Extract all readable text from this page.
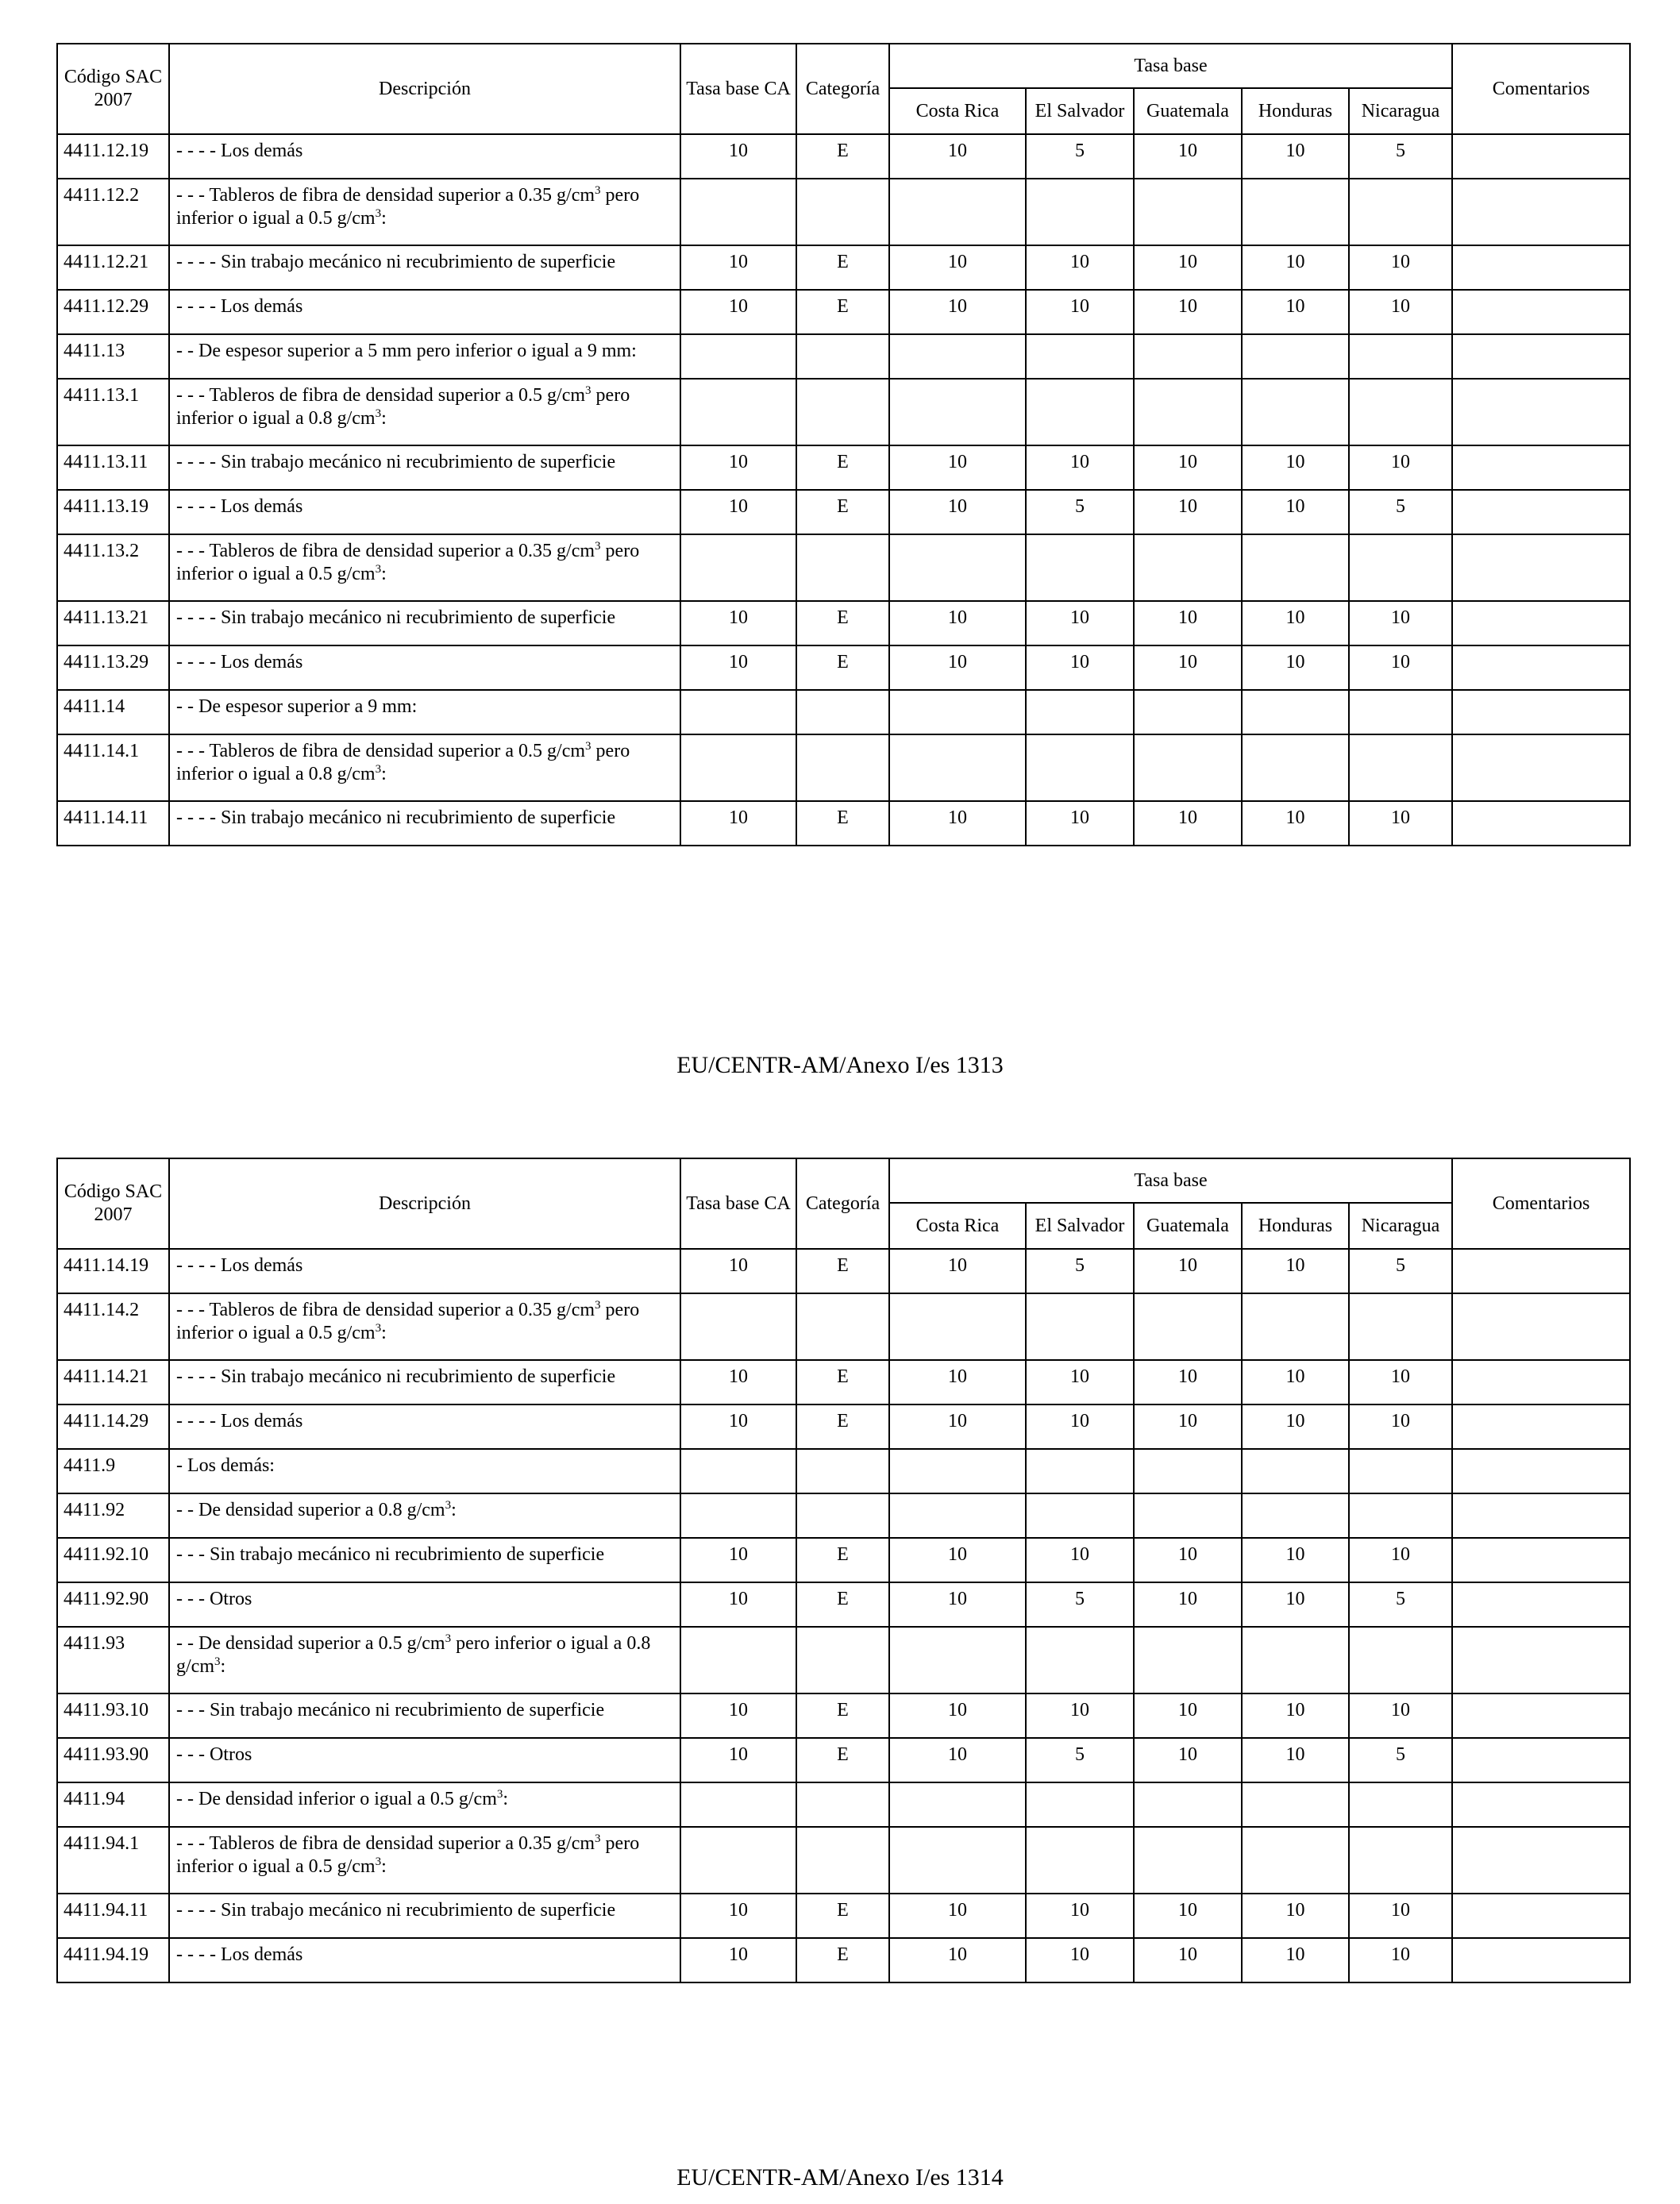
Código SAC 2007	Descripción	Tasa base CA	Categoría	Tasa base					Comentarios
				Costa Rica	El Salvador	Guatemala	Honduras	Nicaragua	
4411.12.19	- - - - Los demás	10	E	10	5	10	10	5	
4411.12.2	- - - Tableros de fibra de densidad superior a 0.35 $g/cm^3$ pero inferior o igual a 0.5 $g/cm^3$:								
4411.12.21	- - - - Sin trabajo mecánico ni recubrimiento de superficie	10	E	10	10	10	10	10	
4411.12.29	- - - - Los demás	10	E	10	10	10	10	10	
4411.13	- - De espesor superior a 5 mm pero inferior o igual a 9 mm:								
4411.13.1	- - - Tableros de fibra de densidad superior a 0.5 $g/cm^3$ pero inferior o igual a 0.8 $g/cm^3$:								
4411.13.11	- - - - Sin trabajo mecánico ni recubrimiento de superficie	10	E	10	10	10	10	10	
4411.13.19	- - - - Los demás	10	E	10	5	10	10	5	
4411.13.2	- - - Tableros de fibra de densidad superior a 0.35 $g/cm^3$ pero inferior o igual a 0.5 $g/cm^3$:								
4411.13.21	- - - - Sin trabajo mecánico ni recubrimiento de superficie	10	E	10	10	10	10	10	
4411.13.29	- - - - Los demás	10	E	10	10	10	10	10	
4411.14	- - De espesor superior a 9 mm:								
4411.14.1	- - - Tableros de fibra de densidad superior a 0.5 $g/cm^3$ pero inferior o igual a 0.8 $g/cm^3$:								
4411.14.11	- - - - Sin trabajo mecánico ni recubrimiento de superficie	10	E	10	10	10	10	10	
EU/CENTR-AM/Anexo I/es 1313
Código SAC 2007	Descripción	Tasa base CA	Categoría	Tasa base					Comentarios
				Costa Rica	El Salvador	Guatemala	Honduras	Nicaragua	
4411.14.19	- - - - Los demás	10	E	10	5	10	10	5	
4411.14.2	- - - Tableros de fibra de densidad superior a 0.35 $g/cm^3$ pero inferior o igual a 0.5 $g/cm^3$:								
4411.14.21	- - - - Sin trabajo mecánico ni recubrimiento de superficie	10	E	10	10	10	10	10	
4411.14.29	- - - - Los demás	10	E	10	10	10	10	10	
4411.9	- Los demás:								
4411.92	- - De densidad superior a 0.8 $g/cm^3$:								
4411.92.10	- - - Sin trabajo mecánico ni recubrimiento de superficie	10	E	10	10	10	10	10	
4411.92.90	- - - Otros	10	E	10	5	10	10	5	
4411.93	- - De densidad superior a 0.5 $g/cm^3$ pero inferior o igual a 0.8 $g/cm^3$:								
4411.93.10	- - - Sin trabajo mecánico ni recubrimiento de superficie	10	E	10	10	10	10	10	
4411.93.90	- - - Otros	10	E	10	5	10	10	5	
4411.94	- - De densidad inferior o igual a 0.5 $g/cm^3$:								
4411.94.1	- - - Tableros de fibra de densidad superior a 0.35 $g/cm^3$ pero inferior o igual a 0.5 $g/cm^3$:								
4411.94.11	- - - - Sin trabajo mecánico ni recubrimiento de superficie	10	E	10	10	10	10	10	
4411.94.19	- - - - Los demás	10	E	10	10	10	10	10	
EU/CENTR-AM/Anexo I/es 1314
